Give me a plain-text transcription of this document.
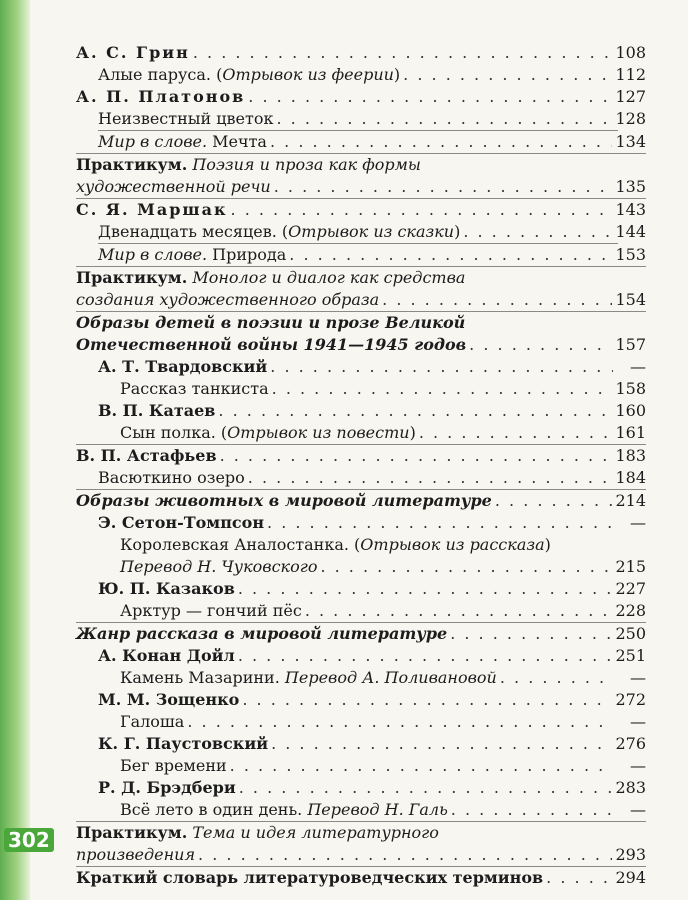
302
А. С. Грин . . .	108
Алые паруса. (Отрывок из феерии) . . .	112
А. П. Платонов . . .	127
Неизвестный цветок . . .	128
Мир в слове. Мечта . . .	134
Практикум. Поэзия и проза как формы
художественной речи . . .	135
С. Я. Маршак . . .	143
Двенадцать месяцев. (Отрывок из сказки) . . .	144
Мир в слове. Природа . . .	153
Практикум. Монолог и диалог как средства
создания художественного образа . . .	154
Образы детей в поэзии и прозе Великой
Отечественной войны 1941—1945 годов . . .	157
А. Т. Твардовский . . .	—
Рассказ танкиста . . .	158
В. П. Катаев . . .	160
Сын полка. (Отрывок из повести) . . .	161
В. П. Астафьев . . .	183
Васюткино озеро . . .	184
Образы животных в мировой литературе . . .	214
Э. Сетон-Томпсон . . .	—
Королевская Аналостанка. (Отрывок из рассказа)
Перевод Н. Чуковского . . .	215
Ю. П. Казаков . . .	227
Арктур — гончий пёс . . .	228
Жанр рассказа в мировой литературе . . .	250
А. Конан Дойл . . .	251
Камень Мазарини. Перевод А. Поливановой . . .	—
М. М. Зощенко . . .	272
Галоша . . .	—
К. Г. Паустовский . . .	276
Бег времени . . .	—
Р. Д. Брэдбери . . .	283
Всё лето в один день. Перевод Н. Галь . . .	—
Практикум. Тема и идея литературного
произведения . . .	293
Краткий словарь литературоведческих терминов . . .	294
